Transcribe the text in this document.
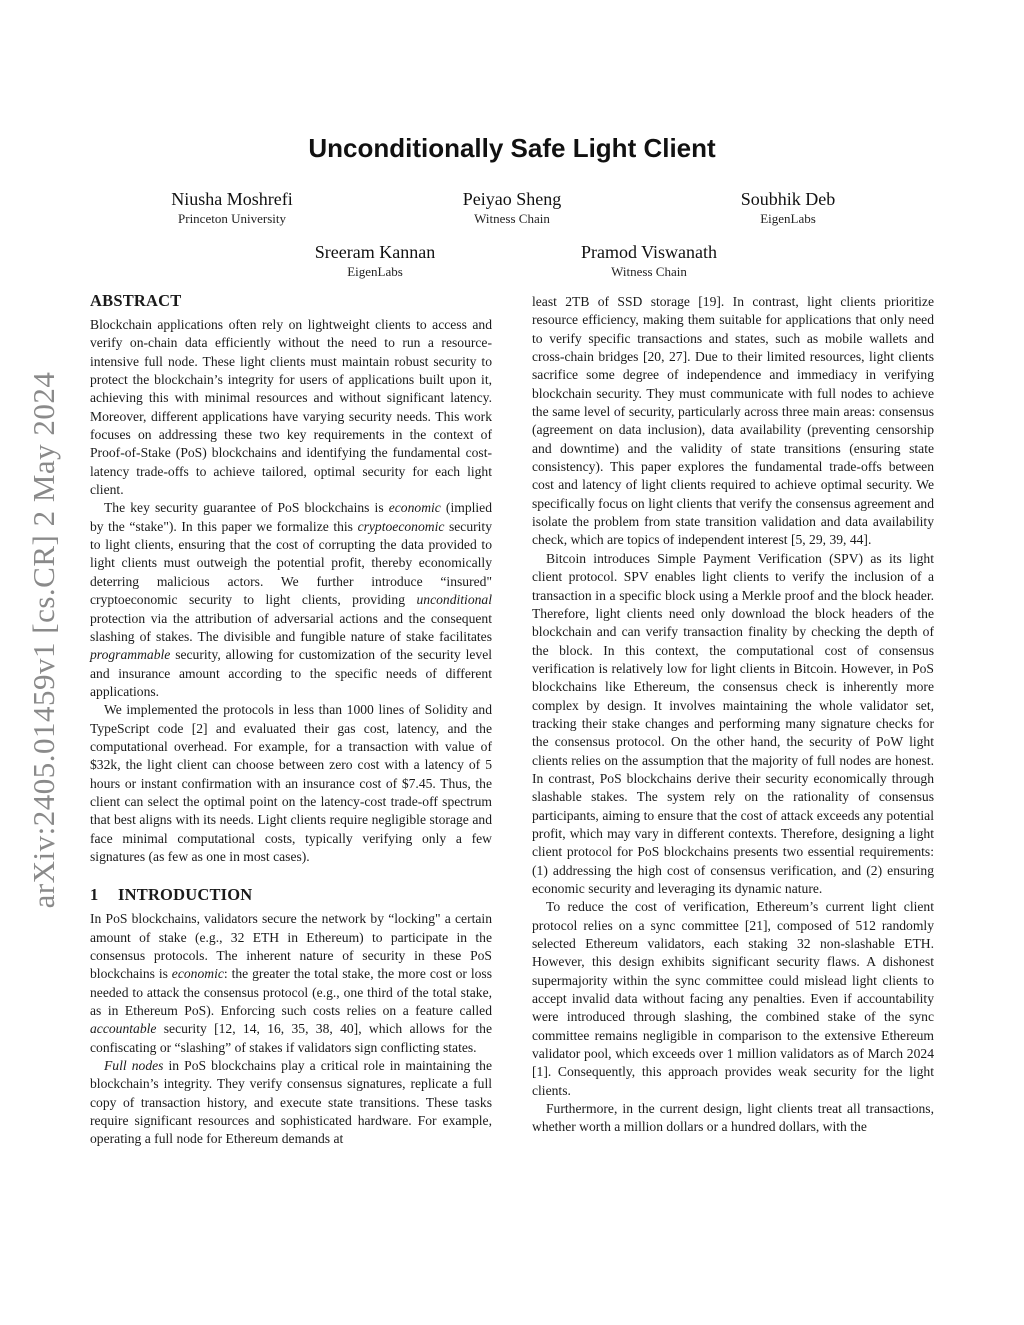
arXiv:2405.01459v1 [cs.CR] 2 May 2024
Unconditionally Safe Light Client
Niusha Moshrefi
Princeton University
Peiyao Sheng
Witness Chain
Soubhik Deb
EigenLabs
Sreeram Kannan
EigenLabs
Pramod Viswanath
Witness Chain
ABSTRACT

Blockchain applications often rely on lightweight clients to access and verify on-chain data efficiently without the need to run a resource-intensive full node. These light clients must maintain robust security to protect the blockchain’s integrity for users of applications built upon it, achieving this with minimal resources and without significant latency. Moreover, different applications have varying security needs. This work focuses on addressing these two key requirements in the context of Proof-of-Stake (PoS) blockchains and identifying the fundamental cost-latency trade-offs to achieve tailored, optimal security for each light client.

The key security guarantee of PoS blockchains is economic (implied by the “stake"). In this paper we formalize this cryptoeconomic security to light clients, ensuring that the cost of corrupting the data provided to light clients must outweigh the potential profit, thereby economically deterring malicious actors. We further introduce “insured" cryptoeconomic security to light clients, providing unconditional protection via the attribution of adversarial actions and the consequent slashing of stakes. The divisible and fungible nature of stake facilitates programmable security, allowing for customization of the security level and insurance amount according to the specific needs of different applications.

We implemented the protocols in less than 1000 lines of Solidity and TypeScript code [2] and evaluated their gas cost, latency, and the computational overhead. For example, for a transaction with value of $32k, the light client can choose between zero cost with a latency of 5 hours or instant confirmation with an insurance cost of $7.45. Thus, the client can select the optimal point on the latency-cost trade-off spectrum that best aligns with its needs. Light clients require negligible storage and face minimal computational costs, typically verifying only a few signatures (as few as one in most cases).

1 INTRODUCTION

In PoS blockchains, validators secure the network by “locking" a certain amount of stake (e.g., 32 ETH in Ethereum) to participate in the consensus protocols. The inherent nature of security in these PoS blockchains is economic: the greater the total stake, the more cost or loss needed to attack the consensus protocol (e.g., one third of the total stake, as in Ethereum PoS). Enforcing such costs relies on a feature called accountable security [12, 14, 16, 35, 38, 40], which allows for the confiscating or “slashing” of stakes if validators sign conflicting states.

Full nodes in PoS blockchains play a critical role in maintaining the blockchain’s integrity. They verify consensus signatures, replicate a full copy of transaction history, and execute state transitions. These tasks require significant resources and sophisticated hardware. For example, operating a full node for Ethereum demands at

least 2TB of SSD storage [19]. In contrast, light clients prioritize resource efficiency, making them suitable for applications that only need to verify specific transactions and states, such as mobile wallets and cross-chain bridges [20, 27]. Due to their limited resources, light clients sacrifice some degree of independence and immediacy in verifying blockchain security. They must communicate with full nodes to achieve the same level of security, particularly across three main areas: consensus (agreement on data inclusion), data availability (preventing censorship and downtime) and the validity of state transitions (ensuring state consistency). This paper explores the fundamental trade-offs between cost and latency of light clients required to achieve optimal security. We specifically focus on light clients that verify the consensus agreement and isolate the problem from state transition validation and data availability check, which are topics of independent interest [5, 29, 39, 44].

Bitcoin introduces Simple Payment Verification (SPV) as its light client protocol. SPV enables light clients to verify the inclusion of a transaction in a specific block using a Merkle proof and the block header. Therefore, light clients need only download the block headers of the blockchain and can verify transaction finality by checking the depth of the block. In this context, the computational cost of consensus verification is relatively low for light clients in Bitcoin. However, in PoS blockchains like Ethereum, the consensus check is inherently more complex by design. It involves maintaining the whole validator set, tracking their stake changes and performing many signature checks for the consensus protocol. On the other hand, the security of PoW light clients relies on the assumption that the majority of full nodes are honest. In contrast, PoS blockchains derive their security economically through slashable stakes. The system rely on the rationality of consensus participants, aiming to ensure that the cost of attack exceeds any potential profit, which may vary in different contexts. Therefore, designing a light client protocol for PoS blockchains presents two essential requirements: (1) addressing the high cost of consensus verification, and (2) ensuring economic security and leveraging its dynamic nature.

To reduce the cost of verification, Ethereum’s current light client protocol relies on a sync committee [21], composed of 512 randomly selected Ethereum validators, each staking 32 non-slashable ETH. However, this design exhibits significant security flaws. A dishonest supermajority within the sync committee could mislead light clients to accept invalid data without facing any penalties. Even if accountability were introduced through slashing, the combined stake of the sync committee remains negligible in comparison to the extensive Ethereum validator pool, which exceeds over 1 million validators as of March 2024 [1]. Consequently, this approach provides weak security for the light clients.

Furthermore, in the current design, light clients treat all transactions, whether worth a million dollars or a hundred dollars, with the
